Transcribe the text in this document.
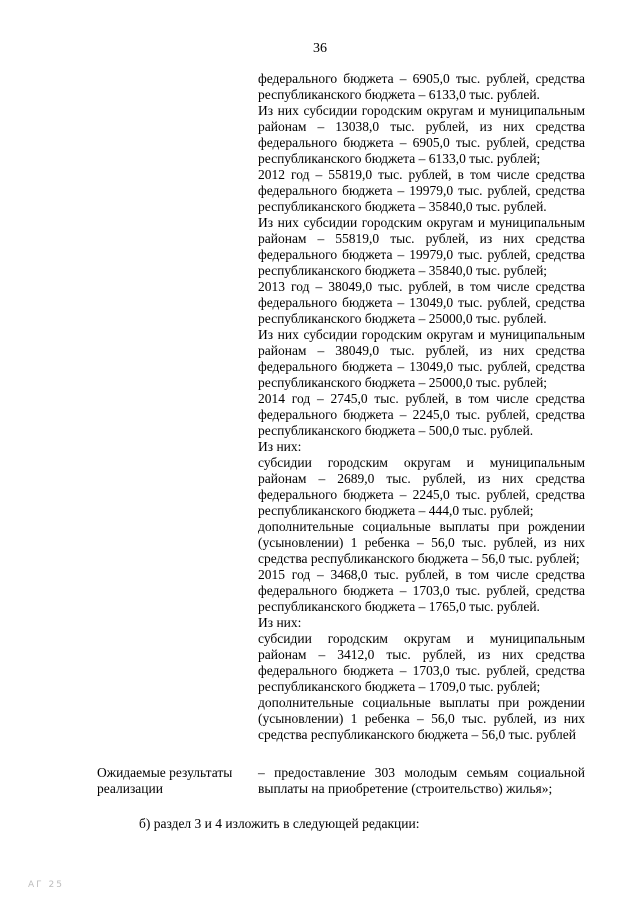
36

федерального бюджета – 6905,0 тыс. рублей, средства

республиканского бюджета – 6133,0 тыс. рублей.

Из них субсидии городским округам и муниципальным

районам – 13038,0 тыс. рублей, из них средства

федерального бюджета – 6905,0 тыс. рублей, средства

республиканского бюджета – 6133,0 тыс. рублей;

2012 год – 55819,0 тыс. рублей, в том числе средства

федерального бюджета – 19979,0 тыс. рублей, средства

республиканского бюджета – 35840,0 тыс. рублей.

Из них субсидии городским округам и муниципальным

районам – 55819,0 тыс. рублей, из них средства

федерального бюджета – 19979,0 тыс. рублей, средства

республиканского бюджета – 35840,0 тыс. рублей;

2013 год – 38049,0 тыс. рублей, в том числе средства

федерального бюджета – 13049,0 тыс. рублей, средства

республиканского бюджета – 25000,0 тыс. рублей.

Из них субсидии городским округам и муниципальным

районам – 38049,0 тыс. рублей, из них средства

федерального бюджета – 13049,0 тыс. рублей, средства

республиканского бюджета – 25000,0 тыс. рублей;

2014 год – 2745,0 тыс. рублей, в том числе средства

федерального бюджета – 2245,0 тыс. рублей, средства

республиканского бюджета – 500,0 тыс. рублей.

Из них:

субсидии городским округам и муниципальным

районам – 2689,0 тыс. рублей, из них средства

федерального бюджета – 2245,0 тыс. рублей, средства

республиканского бюджета – 444,0 тыс. рублей;

дополнительные социальные выплаты при рождении

(усыновлении) 1 ребенка – 56,0 тыс. рублей, из них

средства республиканского бюджета – 56,0 тыс. рублей;

2015 год – 3468,0 тыс. рублей, в том числе средства

федерального бюджета – 1703,0 тыс. рублей, средства

республиканского бюджета – 1765,0 тыс. рублей.

Из них:

субсидии городским округам и муниципальным

районам – 3412,0 тыс. рублей, из них средства

федерального бюджета – 1703,0 тыс. рублей, средства

республиканского бюджета – 1709,0 тыс. рублей;

дополнительные социальные выплаты при рождении

(усыновлении) 1 ребенка – 56,0 тыс. рублей, из них

средства республиканского бюджета – 56,0 тыс. рублей

Ожидаемые результаты
реализации
– предоставление 303 молодым семьям социальной
выплаты на приобретение (строительство) жилья»;
б) раздел 3 и 4 изложить в следующей редакции:
АГ 25
